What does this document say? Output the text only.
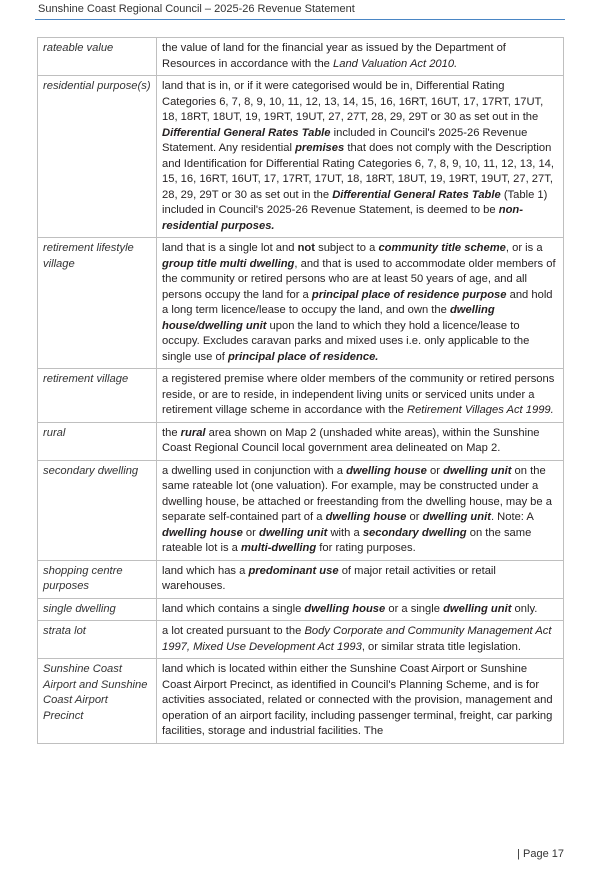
Sunshine Coast Regional Council – 2025-26 Revenue Statement
rateable value	the value of land for the financial year as issued by the Department of Resources in accordance with the Land Valuation Act 2010.
residential purpose(s)	land that is in, or if it were categorised would be in, Differential Rating Categories 6, 7, 8, 9, 10, 11, 12, 13, 14, 15, 16, 16RT, 16UT, 17, 17RT, 17UT, 18, 18RT, 18UT, 19, 19RT, 19UT, 27, 27T, 28, 29, 29T or 30 as set out in the Differential General Rates Table included in Council's 2025-26 Revenue Statement. Any residential premises that does not comply with the Description and Identification for Differential Rating Categories 6, 7, 8, 9, 10, 11, 12, 13, 14, 15, 16, 16RT, 16UT, 17, 17RT, 17UT, 18, 18RT, 18UT, 19, 19RT, 19UT, 27, 27T, 28, 29, 29T or 30 as set out in the Differential General Rates Table (Table 1) included in Council's 2025-26 Revenue Statement, is deemed to be non-residential purposes.
retirement lifestyle village	land that is a single lot and not subject to a community title scheme, or is a group title multi dwelling, and that is used to accommodate older members of the community or retired persons who are at least 50 years of age, and all persons occupy the land for a principal place of residence purpose and hold a long term licence/lease to occupy the land, and own the dwelling house/dwelling unit upon the land to which they hold a licence/lease to occupy. Excludes caravan parks and mixed uses i.e. only applicable to the single use of principal place of residence.
retirement village	a registered premise where older members of the community or retired persons reside, or are to reside, in independent living units or serviced units under a retirement village scheme in accordance with the Retirement Villages Act 1999.
rural	the rural area shown on Map 2 (unshaded white areas), within the Sunshine Coast Regional Council local government area delineated on Map 2.
secondary dwelling	a dwelling used in conjunction with a dwelling house or dwelling unit on the same rateable lot (one valuation). For example, may be constructed under a dwelling house, be attached or freestanding from the dwelling house, may be a separate self-contained part of a dwelling house or dwelling unit. Note: A dwelling house or dwelling unit with a secondary dwelling on the same rateable lot is a multi-dwelling for rating purposes.
shopping centre purposes	land which has a predominant use of major retail activities or retail warehouses.
single dwelling	land which contains a single dwelling house or a single dwelling unit only.
strata lot	a lot created pursuant to the Body Corporate and Community Management Act 1997, Mixed Use Development Act 1993, or similar strata title legislation.
Sunshine Coast Airport and Sunshine Coast Airport Precinct	land which is located within either the Sunshine Coast Airport or Sunshine Coast Airport Precinct, as identified in Council's Planning Scheme, and is for activities associated, related or connected with the provision, management and operation of an airport facility, including passenger terminal, freight, car parking facilities, storage and industrial facilities. The
| Page 17
